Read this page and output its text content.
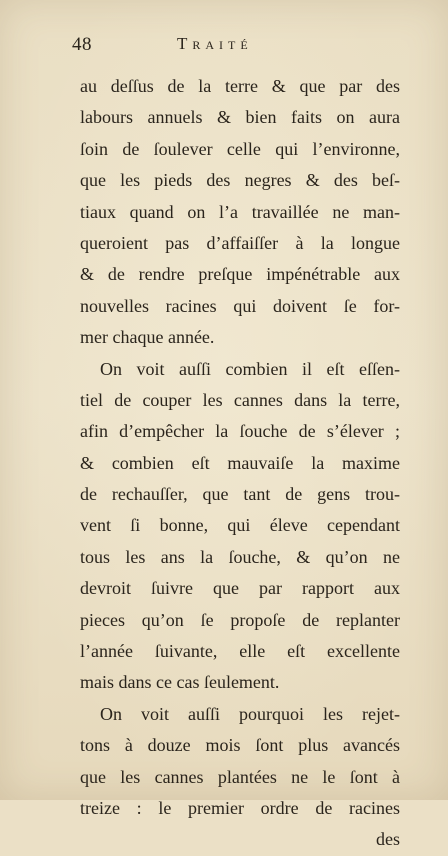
48	Traité
au deſſus de la terre & que par des
labours annuels & bien faits on aura
ſoin de ſoulever celle qui l’environne,
que les pieds des negres & des beſ-
tiaux quand on l’a travaillée ne man-
queroient pas d’affaiſſer à la longue
& de rendre preſque impénétrable aux
nouvelles racines qui doivent ſe for-
mer chaque année.
On voit auſſi combien il eſt eſſen-
tiel de couper les cannes dans la terre,
afin d’empêcher la ſouche de s’élever ;
& combien eſt mauvaiſe la maxime
de rechauſſer, que tant de gens trou-
vent ſi bonne, qui éleve cependant
tous les ans la ſouche, & qu’on ne
devroit ſuivre que par rapport aux
pieces qu’on ſe propoſe de replanter
l’année ſuivante, elle eſt excellente
mais dans ce cas ſeulement.
On voit auſſi pourquoi les rejet-
tons à douze mois ſont plus avancés
que les cannes plantées ne le ſont à
treize : le premier ordre de racines
des
